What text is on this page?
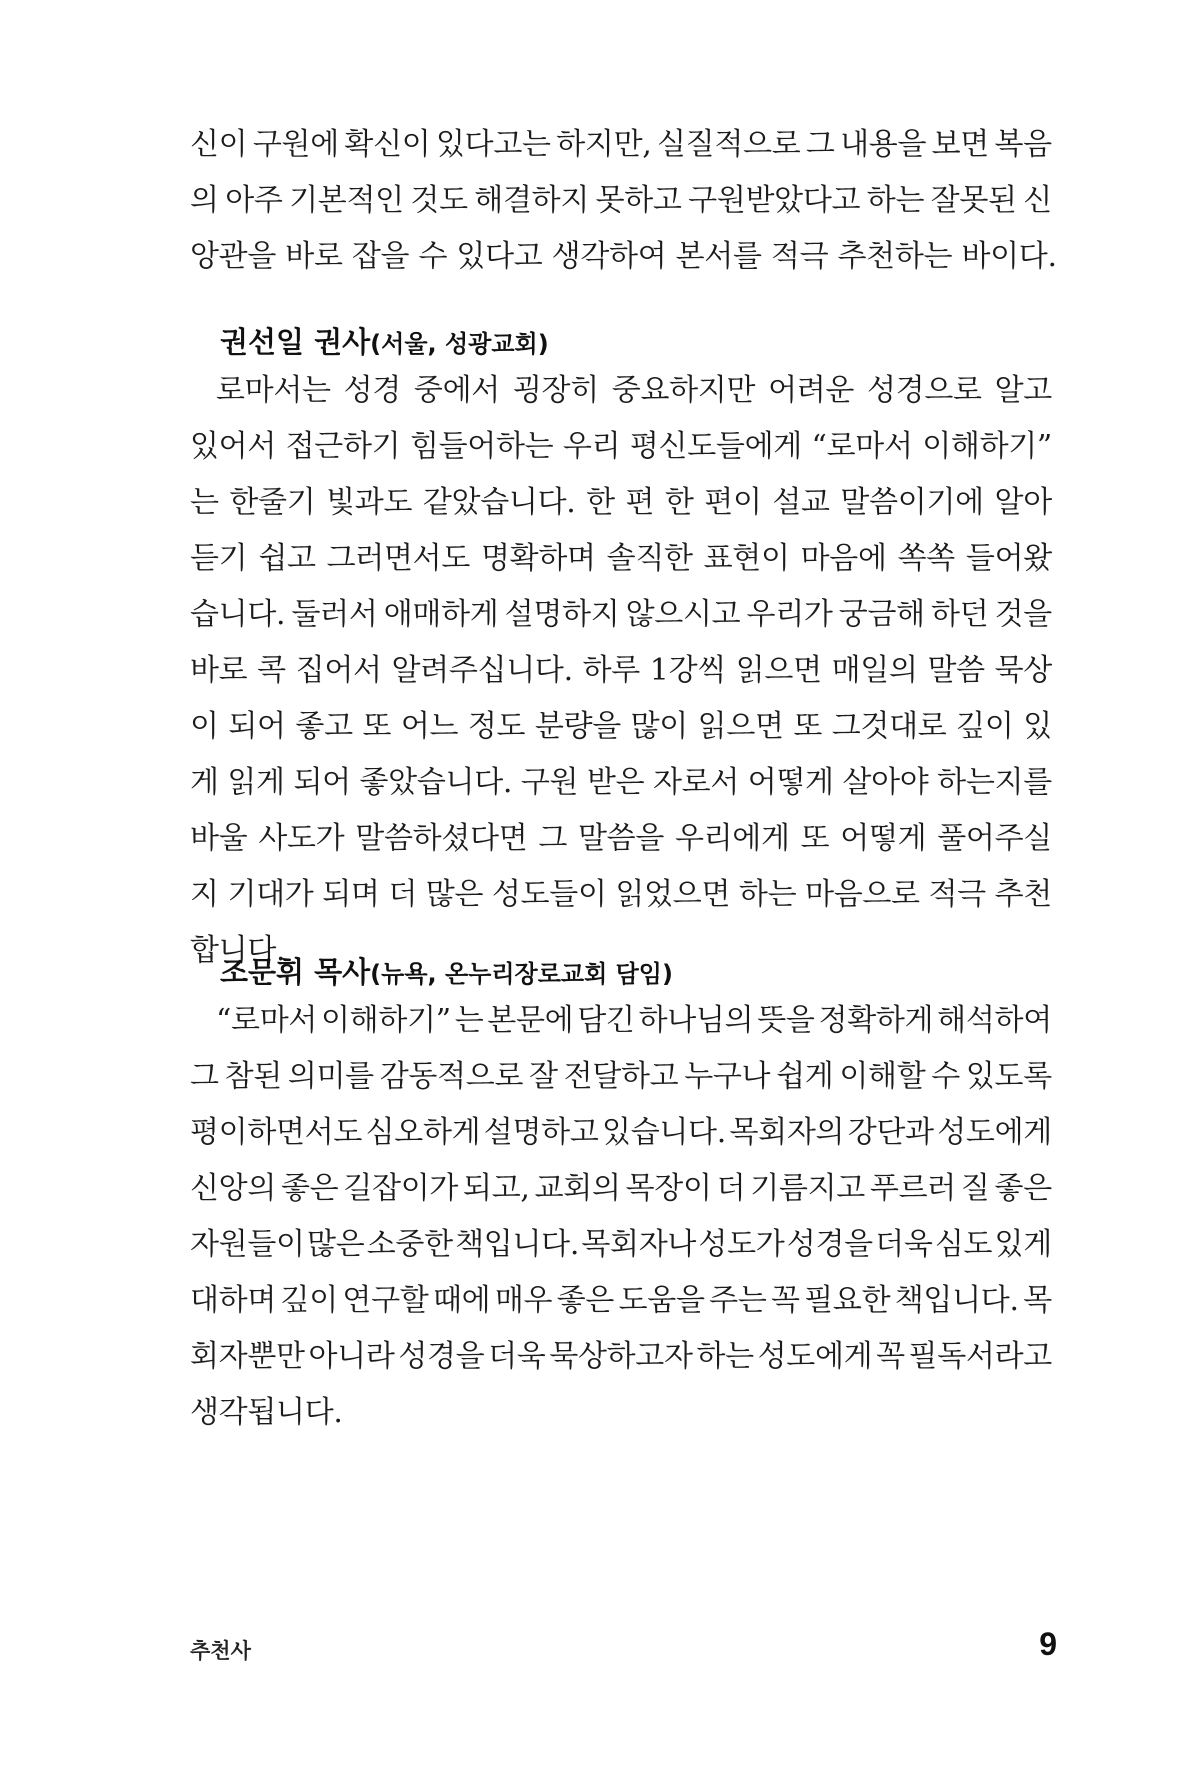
신이 구원에 확신이 있다고는 하지만, 실질적으로 그 내용을 보면 복음
의 아주 기본적인 것도 해결하지 못하고 구원받았다고 하는 잘못된 신
앙관을 바로 잡을 수 있다고 생각하여 본서를 적극 추천하는 바이다.
권선일 권사(서울, 성광교회)
로마서는 성경 중에서 굉장히 중요하지만 어려운 성경으로 알고
있어서 접근하기 힘들어하는 우리 평신도들에게 “로마서 이해하기”
는 한줄기 빛과도 같았습니다. 한 편 한 편이 설교 말씀이기에 알아
듣기 쉽고 그러면서도 명확하며 솔직한 표현이 마음에 쏙쏙 들어왔
습니다. 둘러서 애매하게 설명하지 않으시고 우리가 궁금해 하던 것을
바로 콕 집어서 알려주십니다. 하루 1강씩 읽으면 매일의 말씀 묵상
이 되어 좋고 또 어느 정도 분량을 많이 읽으면 또 그것대로 깊이 있
게 읽게 되어 좋았습니다. 구원 받은 자로서 어떻게 살아야 하는지를
바울 사도가 말씀하셨다면 그 말씀을 우리에게 또 어떻게 풀어주실
지 기대가 되며 더 많은 성도들이 읽었으면 하는 마음으로 적극 추천
합니다.
조문휘 목사(뉴욕, 온누리장로교회 담임)
“로마서 이해하기” 는 본문에 담긴 하나님의 뜻을 정확하게 해석하여
그 참된 의미를 감동적으로 잘 전달하고 누구나 쉽게 이해할 수 있도록
평이하면서도 심오하게 설명하고 있습니다. 목회자의 강단과 성도에게
신앙의 좋은 길잡이가 되고, 교회의 목장이 더 기름지고 푸르러 질 좋은
자원들이 많은 소중한 책입니다. 목회자나 성도가 성경을 더욱 심도 있게
대하며 깊이 연구할 때에 매우 좋은 도움을 주는 꼭 필요한 책입니다. 목
회자뿐만 아니라 성경을 더욱 묵상하고자 하는 성도에게 꼭 필독서라고
생각됩니다.
추천사	9
